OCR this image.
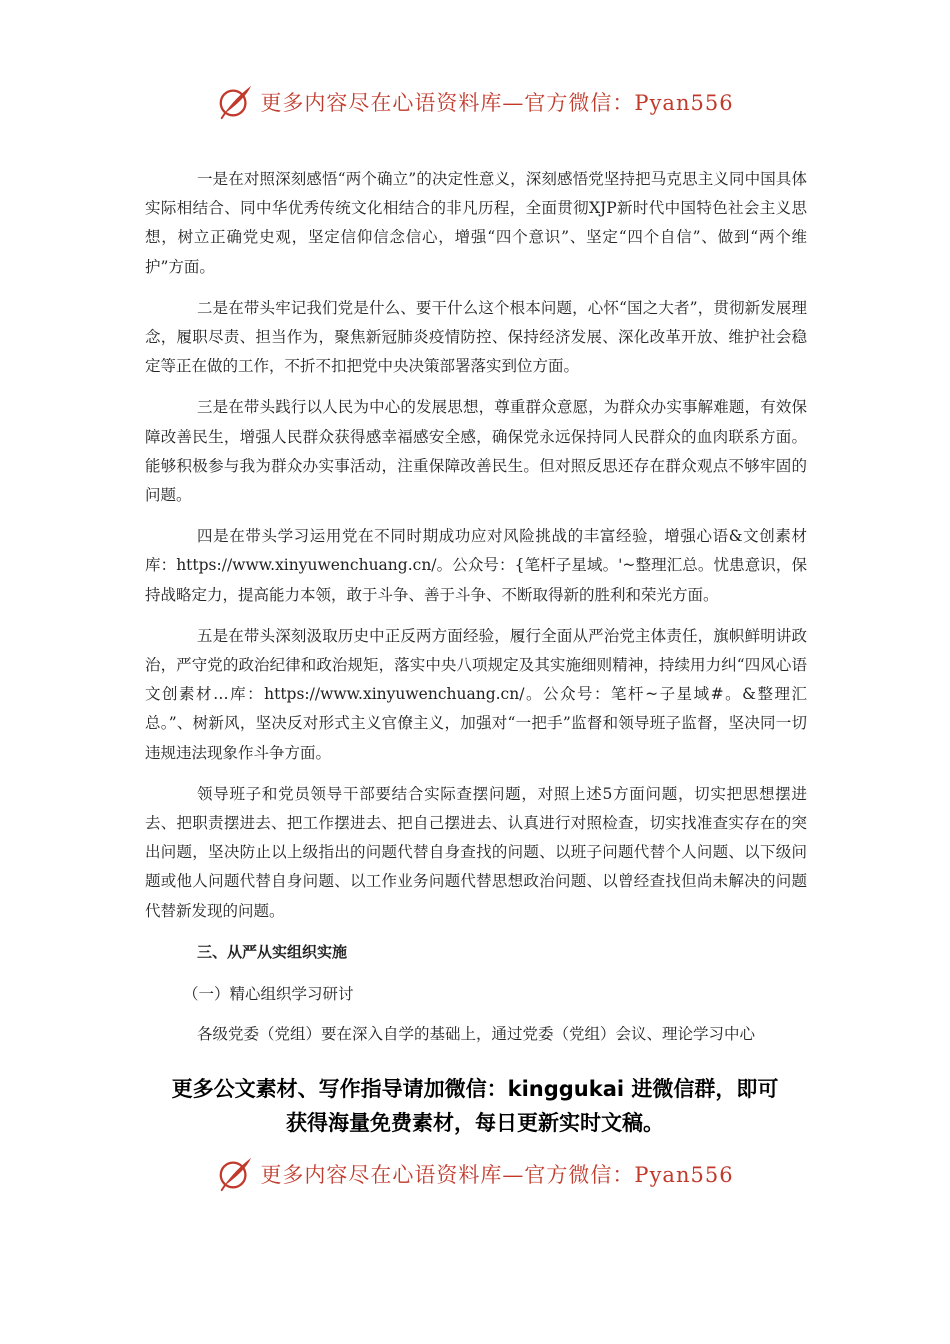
更多内容尽在心语资料库—官方微信：Pyan556

一是在对照深刻感悟“两个确立”的决定性意义，深刻感悟党坚持把马克思主义同中国具体实际相结合、同中华优秀传统文化相结合的非凡历程，全面贯彻XJP新时代中国特色社会主义思想，树立正确党史观，坚定信仰信念信心，增强“四个意识”、坚定“四个自信”、做到“两个维护”方面。

二是在带头牢记我们党是什么、要干什么这个根本问题，心怀“国之大者”，贯彻新发展理念，履职尽责、担当作为，聚焦新冠肺炎疫情防控、保持经济发展、深化改革开放、维护社会稳定等正在做的工作，不折不扣把党中央决策部署落实到位方面。

三是在带头践行以人民为中心的发展思想，尊重群众意愿，为群众办实事解难题，有效保障改善民生，增强人民群众获得感幸福感安全感，确保党永远保持同人民群众的血肉联系方面。能够积极参与我为群众办实事活动，注重保障改善民生。但对照反思还存在群众观点不够牢固的问题。

四是在带头学习运用党在不同时期成功应对风险挑战的丰富经验，增强心语&文创素材库：https://www.xinyuwenchuang.cn/。公众号：{笔杆子星域。'~整理汇总。忧患意识，保持战略定力，提高能力本领，敢于斗争、善于斗争、不断取得新的胜利和荣光方面。

五是在带头深刻汲取历史中正反两方面经验，履行全面从严治党主体责任，旗帜鲜明讲政治，严守党的政治纪律和政治规矩，落实中央八项规定及其实施细则精神，持续用力纠“四风心语文创素材…库：https://www.xinyuwenchuang.cn/。公众号：笔杆~子星域#。&整理汇总。”、树新风，坚决反对形式主义官僚主义，加强对“一把手”监督和领导班子监督，坚决同一切违规违法现象作斗争方面。

领导班子和党员领导干部要结合实际查摆问题，对照上述5方面问题，切实把思想摆进去、把职责摆进去、把工作摆进去、把自己摆进去、认真进行对照检查，切实找准查实存在的突出问题，坚决防止以上级指出的问题代替自身查找的问题、以班子问题代替个人问题、以下级问题或他人问题代替自身问题、以工作业务问题代替思想政治问题、以曾经查找但尚未解决的问题代替新发现的问题。

三、从严从实组织实施
（一）精心组织学习研讨

各级党委（党组）要在深入自学的基础上，通过党委（党组）会议、理论学习中心

更多公文素材、写作指导请加微信：kinggukai 进微信群，即可
获得海量免费素材，每日更新实时文稿。
更多内容尽在心语资料库—官方微信：Pyan556
